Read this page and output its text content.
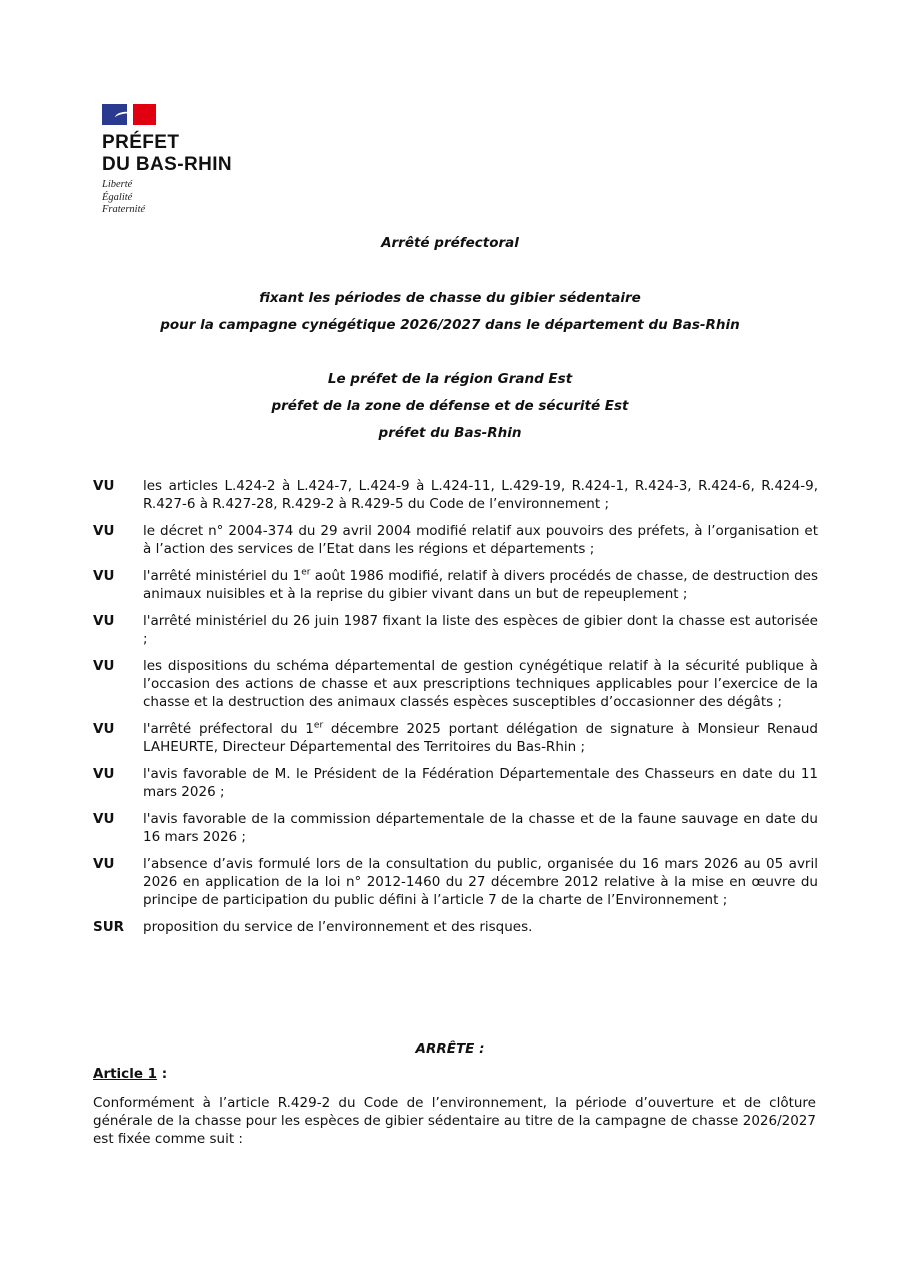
PRÉFET

DU BAS-RHIN

Liberté
Égalité
Fraternité
Arrêté préfectoral
fixant les périodes de chasse du gibier sédentaire
pour la campagne cynégétique 2026/2027 dans le département du Bas-Rhin
Le préfet de la région Grand Est
préfet de la zone de défense et de sécurité Est
préfet du Bas-Rhin
VU	les articles L.424-2 à L.424-7, L.424-9 à L.424-11, L.429-19, R.424-1, R.424-3, R.424-6, R.424-9, R.427-6 à R.427-28, R.429-2 à R.429-5 du Code de l’environnement ;
VU	le décret n° 2004-374 du 29 avril 2004 modifié relatif aux pouvoirs des préfets, à l’organisation et à l’action des services de l’Etat dans les régions et départements ;
VU	l'arrêté ministériel du 1er août 1986 modifié, relatif à divers procédés de chasse, de destruction des animaux nuisibles et à la reprise du gibier vivant dans un but de repeuplement ;
VU	l'arrêté ministériel du 26 juin 1987 fixant la liste des espèces de gibier dont la chasse est autorisée ;
VU	les dispositions du schéma départemental de gestion cynégétique relatif à la sécurité publique à l’occasion des actions de chasse et aux prescriptions techniques applicables pour l’exercice de la chasse et la destruction des animaux classés espèces susceptibles d’occasionner des dégâts ;
VU	l'arrêté préfectoral du 1er décembre 2025 portant délégation de signature à Monsieur Renaud LAHEURTE, Directeur Départemental des Territoires du Bas-Rhin ;
VU	l'avis favorable de M. le Président de la Fédération Départementale des Chasseurs en date du 11 mars 2026 ;
VU	l'avis favorable de la commission départementale de la chasse et de la faune sauvage en date du 16 mars 2026 ;
VU	l’absence d’avis formulé lors de la consultation du public, organisée du 16 mars 2026 au 05 avril 2026 en application de la loi n° 2012-1460 du 27 décembre 2012 relative à la mise en œuvre du principe de participation du public défini à l’article 7 de la charte de l’Environnement ;
SUR	proposition du service de l’environnement et des risques.
ARRÊTE :
Article 1 :
Conformément à l’article R.429-2 du Code de l’environnement, la période d’ouverture et de clôture générale de la chasse pour les espèces de gibier sédentaire au titre de la campagne de chasse 2026/2027 est fixée comme suit :
